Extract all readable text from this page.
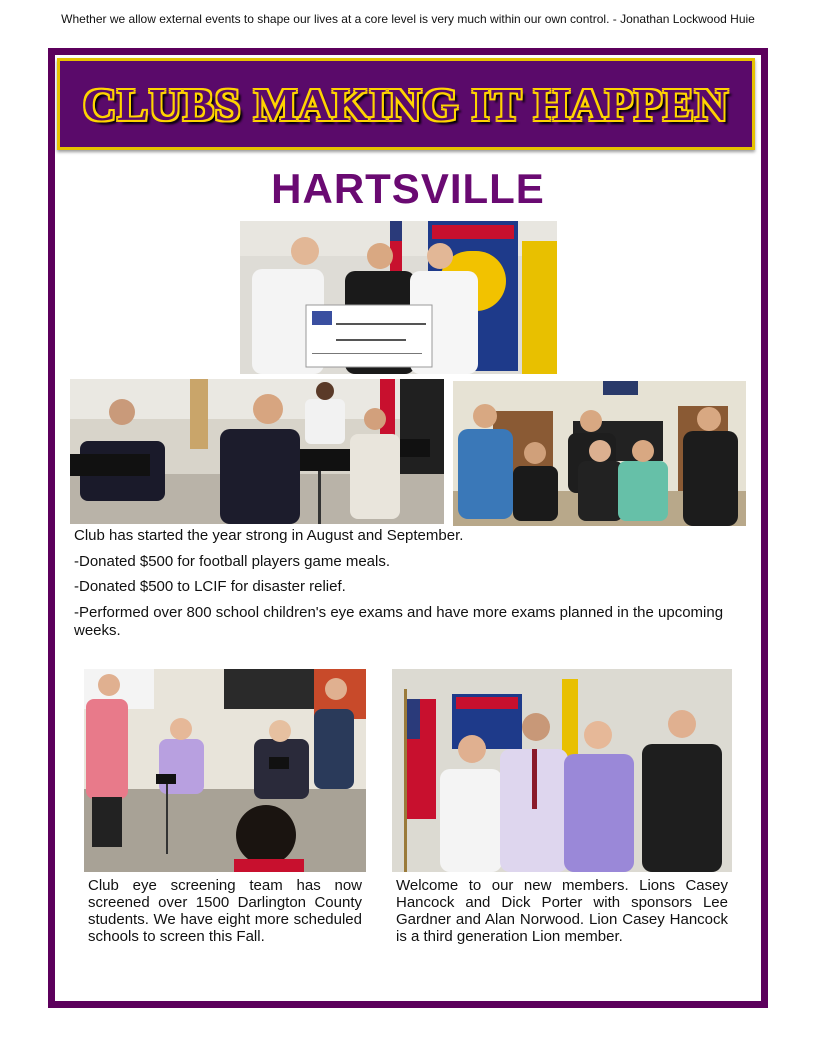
Whether we allow external events to shape our lives at a core level is very much within our own control. - Jonathan Lockwood Huie
CLUBS MAKING IT HAPPEN
HARTSVILLE
Club has started the year strong in August and September.
-Donated $500 for football players game meals.
-Donated $500 to LCIF for disaster relief.
-Performed over 800 school children's eye exams and have more exams planned in the upcoming weeks.
Club eye screening team has now screened over 1500 Darlington County students. We have eight more scheduled schools to screen this Fall.
Welcome to our new members. Lions Casey Hancock and Dick Porter with sponsors Lee Gardner and Alan Norwood. Lion Casey Hancock is a third generation Lion member.
